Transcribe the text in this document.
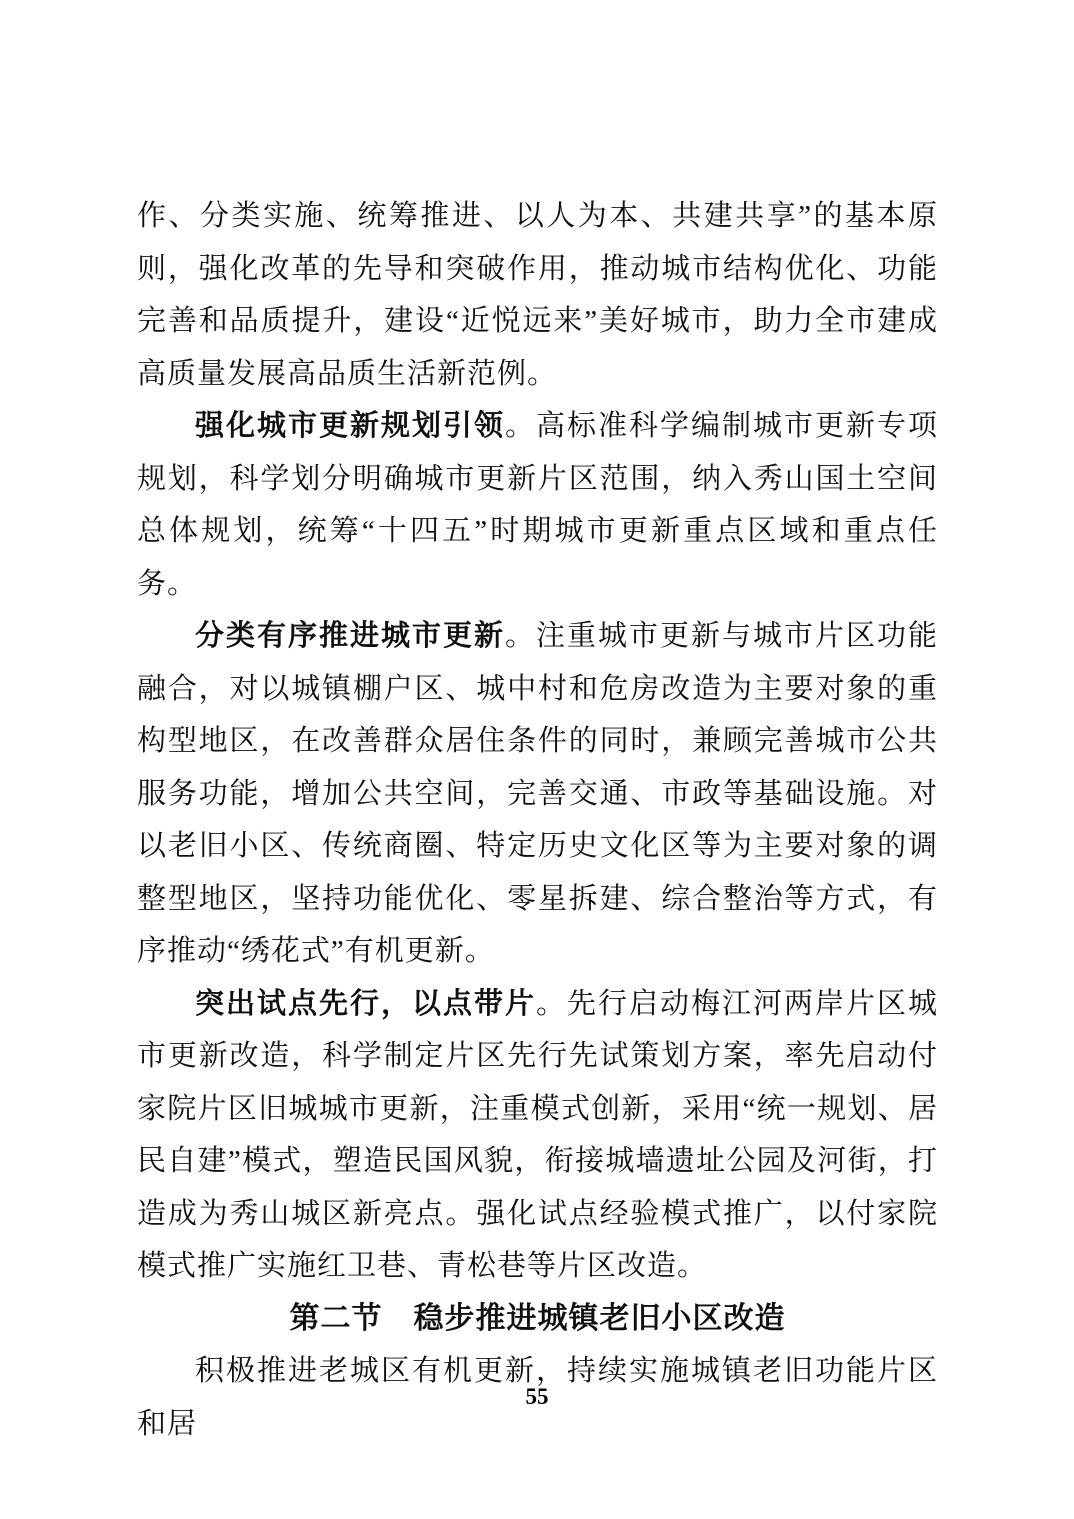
作、分类实施、统筹推进、以人为本、共建共享”的基本原则，强化改革的先导和突破作用，推动城市结构优化、功能完善和品质提升，建设“近悦远来”美好城市，助力全市建成高质量发展高品质生活新范例。

强化城市更新规划引领。高标准科学编制城市更新专项规划，科学划分明确城市更新片区范围，纳入秀山国土空间总体规划，统筹“十四五”时期城市更新重点区域和重点任务。

分类有序推进城市更新。注重城市更新与城市片区功能融合，对以城镇棚户区、城中村和危房改造为主要对象的重构型地区，在改善群众居住条件的同时，兼顾完善城市公共服务功能，增加公共空间，完善交通、市政等基础设施。对以老旧小区、传统商圈、特定历史文化区等为主要对象的调整型地区，坚持功能优化、零星拆建、综合整治等方式，有序推动“绣花式”有机更新。

突出试点先行，以点带片。先行启动梅江河两岸片区城市更新改造，科学制定片区先行先试策划方案，率先启动付家院片区旧城城市更新，注重模式创新，采用“统一规划、居民自建”模式，塑造民国风貌，衔接城墙遗址公园及河街，打造成为秀山城区新亮点。强化试点经验模式推广，以付家院模式推广实施红卫巷、青松巷等片区改造。

第二节　稳步推进城镇老旧小区改造

积极推进老城区有机更新，持续实施城镇老旧功能片区和居

55
